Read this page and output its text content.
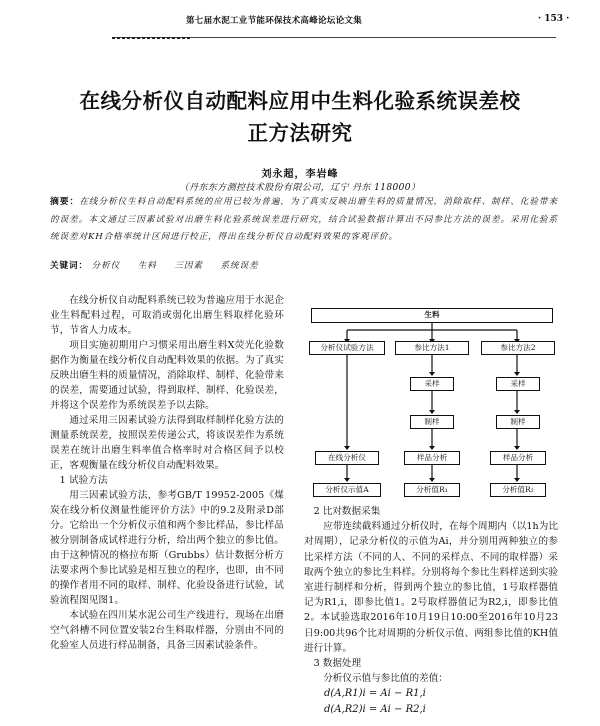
第七届水泥工业节能环保技术高峰论坛论文集	· 153 ·
在线分析仪自动配料应用中生料化验系统误差校
正方法研究
刘永超，李岩峰
（丹东东方测控技术股份有限公司，辽宁 丹东 118000）
摘要：在线分析仪生料自动配料系统的应用已较为普遍，为了真实反映出磨生料的质量情况，消除取样、制样、化验带来的误差。本文通过三因素试验对出磨生料化验系统误差进行研究，结合试验数据计算出不同参比方法的误差。采用化验系统误差对KH合格率统计区间进行校正，得出在线分析仪自动配料效果的客观评价。
关键词： 分析仪 生料 三因素 系统误差

在线分析仪自动配料系统已较为普遍应用于水泥企业生料配料过程，可取消或弱化出磨生料取样化验环节，节省人力成本。

项目实施初期用户习惯采用出磨生料X荧光化验数据作为衡量在线分析仪自动配料效果的依据。为了真实反映出磨生料的质量情况，消除取样、制样、化验带来的误差，需要通过试验，得到取样、制样、化验误差，并将这个误差作为系统误差予以去除。

通过采用三因素试验方法得到取样制样化验方法的测量系统误差，按照误差传递公式，将该误差作为系统误差在统计出磨生料率值合格率时对合格区间予以校正，客观衡量在线分析仪自动配料效果。

1 试验方法

用三因素试验方法，参考GB/T 19952-2005《煤炭在线分析仪测量性能评价方法》中的9.2及附录D部分。它给出一个分析仪示值和两个参比样品，参比样品被分别制备成试样进行分析，给出两个独立的参比值。由于这种情况的格拉布斯（Grubbs）估计数据分析方法要求两个参比试验是相互独立的程序，也即，由不同的操作者用不同的取样、制样、化验设备进行试验，试验流程图见图1。

本试验在四川某水泥公司生产线进行，现场在出磨空气斜槽不同位置安装2台生料取样器，分别由不同的化验室人员进行样品制备，具备三因素试验条件。

生料
分析仪试验方法	参比方法1	参比方法2
采样	采样
制样	制样
在线分析仪	样品分析	样品分析
分析仪示值A	分析值R₁	分析值R₂

2 比对数据采集

应带连续截料通过分析仪时，在每个周期内（以1h为比对周期），记录分析仪的示值为Ai，并分别用两种独立的参比采样方法（不同的人、不同的采样点、不同的取样器）采取两个独立的参比生料样。分别将每个参比生料样送到实验室进行制样和分析，得到两个独立的参比值，1号取样器值记为R1,i，即参比值1。2号取样器值记为R2,i，即参比值2。本试验选取2016年10月19日10:00至2016年10月23日9:00共96个比对周期的分析仪示值、两组参比值的KH值进行计算。

3 数据处理

分析仪示值与参比值的差值：

d(A,R1)i = Ai − R1,i

d(A,R2)i = Ai − R2,i
